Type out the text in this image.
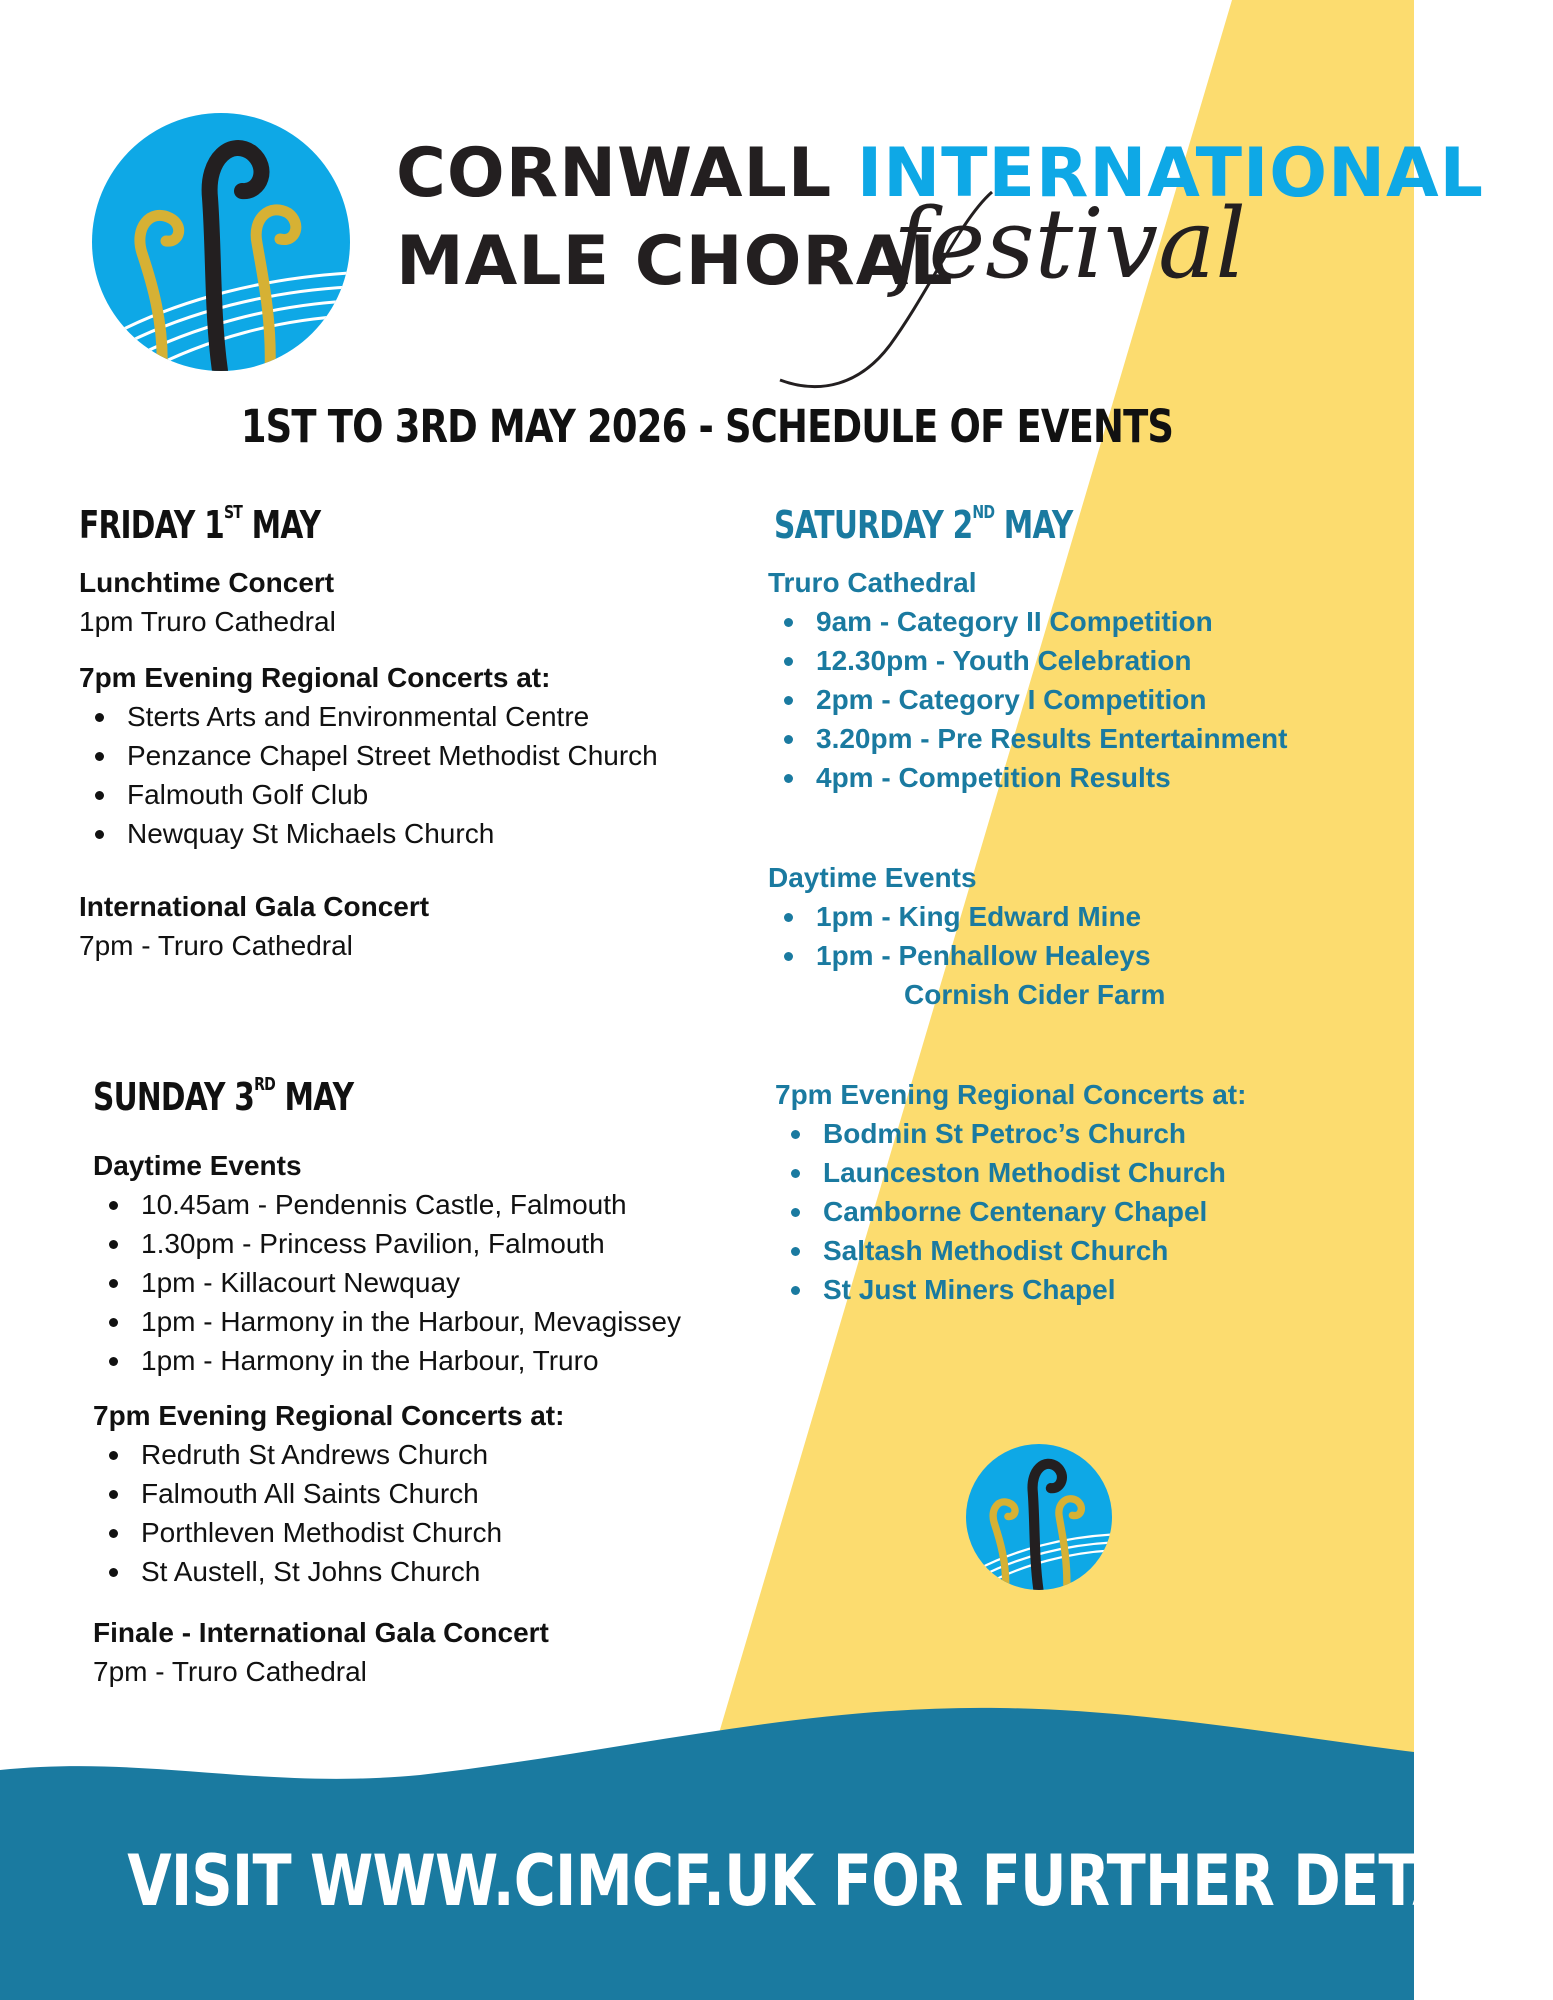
CORNWALL INTERNATIONAL
MALE CHORAL
festival
1ST TO 3RD MAY 2026 - SCHEDULE OF EVENTS
FRIDAY 1ST MAY
Lunchtime Concert

1pm Truro Cathedral

7pm Evening Regional Concerts at:
Sterts Arts and Environmental Centre
Penzance Chapel Street Methodist Church
Falmouth Golf Club
Newquay St Michaels Church
International Gala Concert

7pm - Truro Cathedral

SATURDAY 2ND MAY
Truro Cathedral
9am - Category II Competition
12.30pm - Youth Celebration
2pm - Category I Competition
3.20pm - Pre Results Entertainment
4pm - Competition Results
Daytime Events
1pm - King Edward Mine
1pm - Penhallow Healeys
Cornish Cider Farm
7pm Evening Regional Concerts at:
Bodmin St Petroc’s Church
Launceston Methodist Church
Camborne Centenary Chapel
Saltash Methodist Church
St Just Miners Chapel
SUNDAY 3RD MAY
Daytime Events
10.45am - Pendennis Castle, Falmouth
1.30pm - Princess Pavilion, Falmouth
1pm - Killacourt Newquay
1pm - Harmony in the Harbour, Mevagissey
1pm - Harmony in the Harbour, Truro
7pm Evening Regional Concerts at:
Redruth St Andrews Church
Falmouth All Saints Church
Porthleven Methodist Church
St Austell, St Johns Church
Finale - International Gala Concert

7pm - Truro Cathedral

VISIT WWW.CIMCF.UK FOR FURTHER DETAILS
